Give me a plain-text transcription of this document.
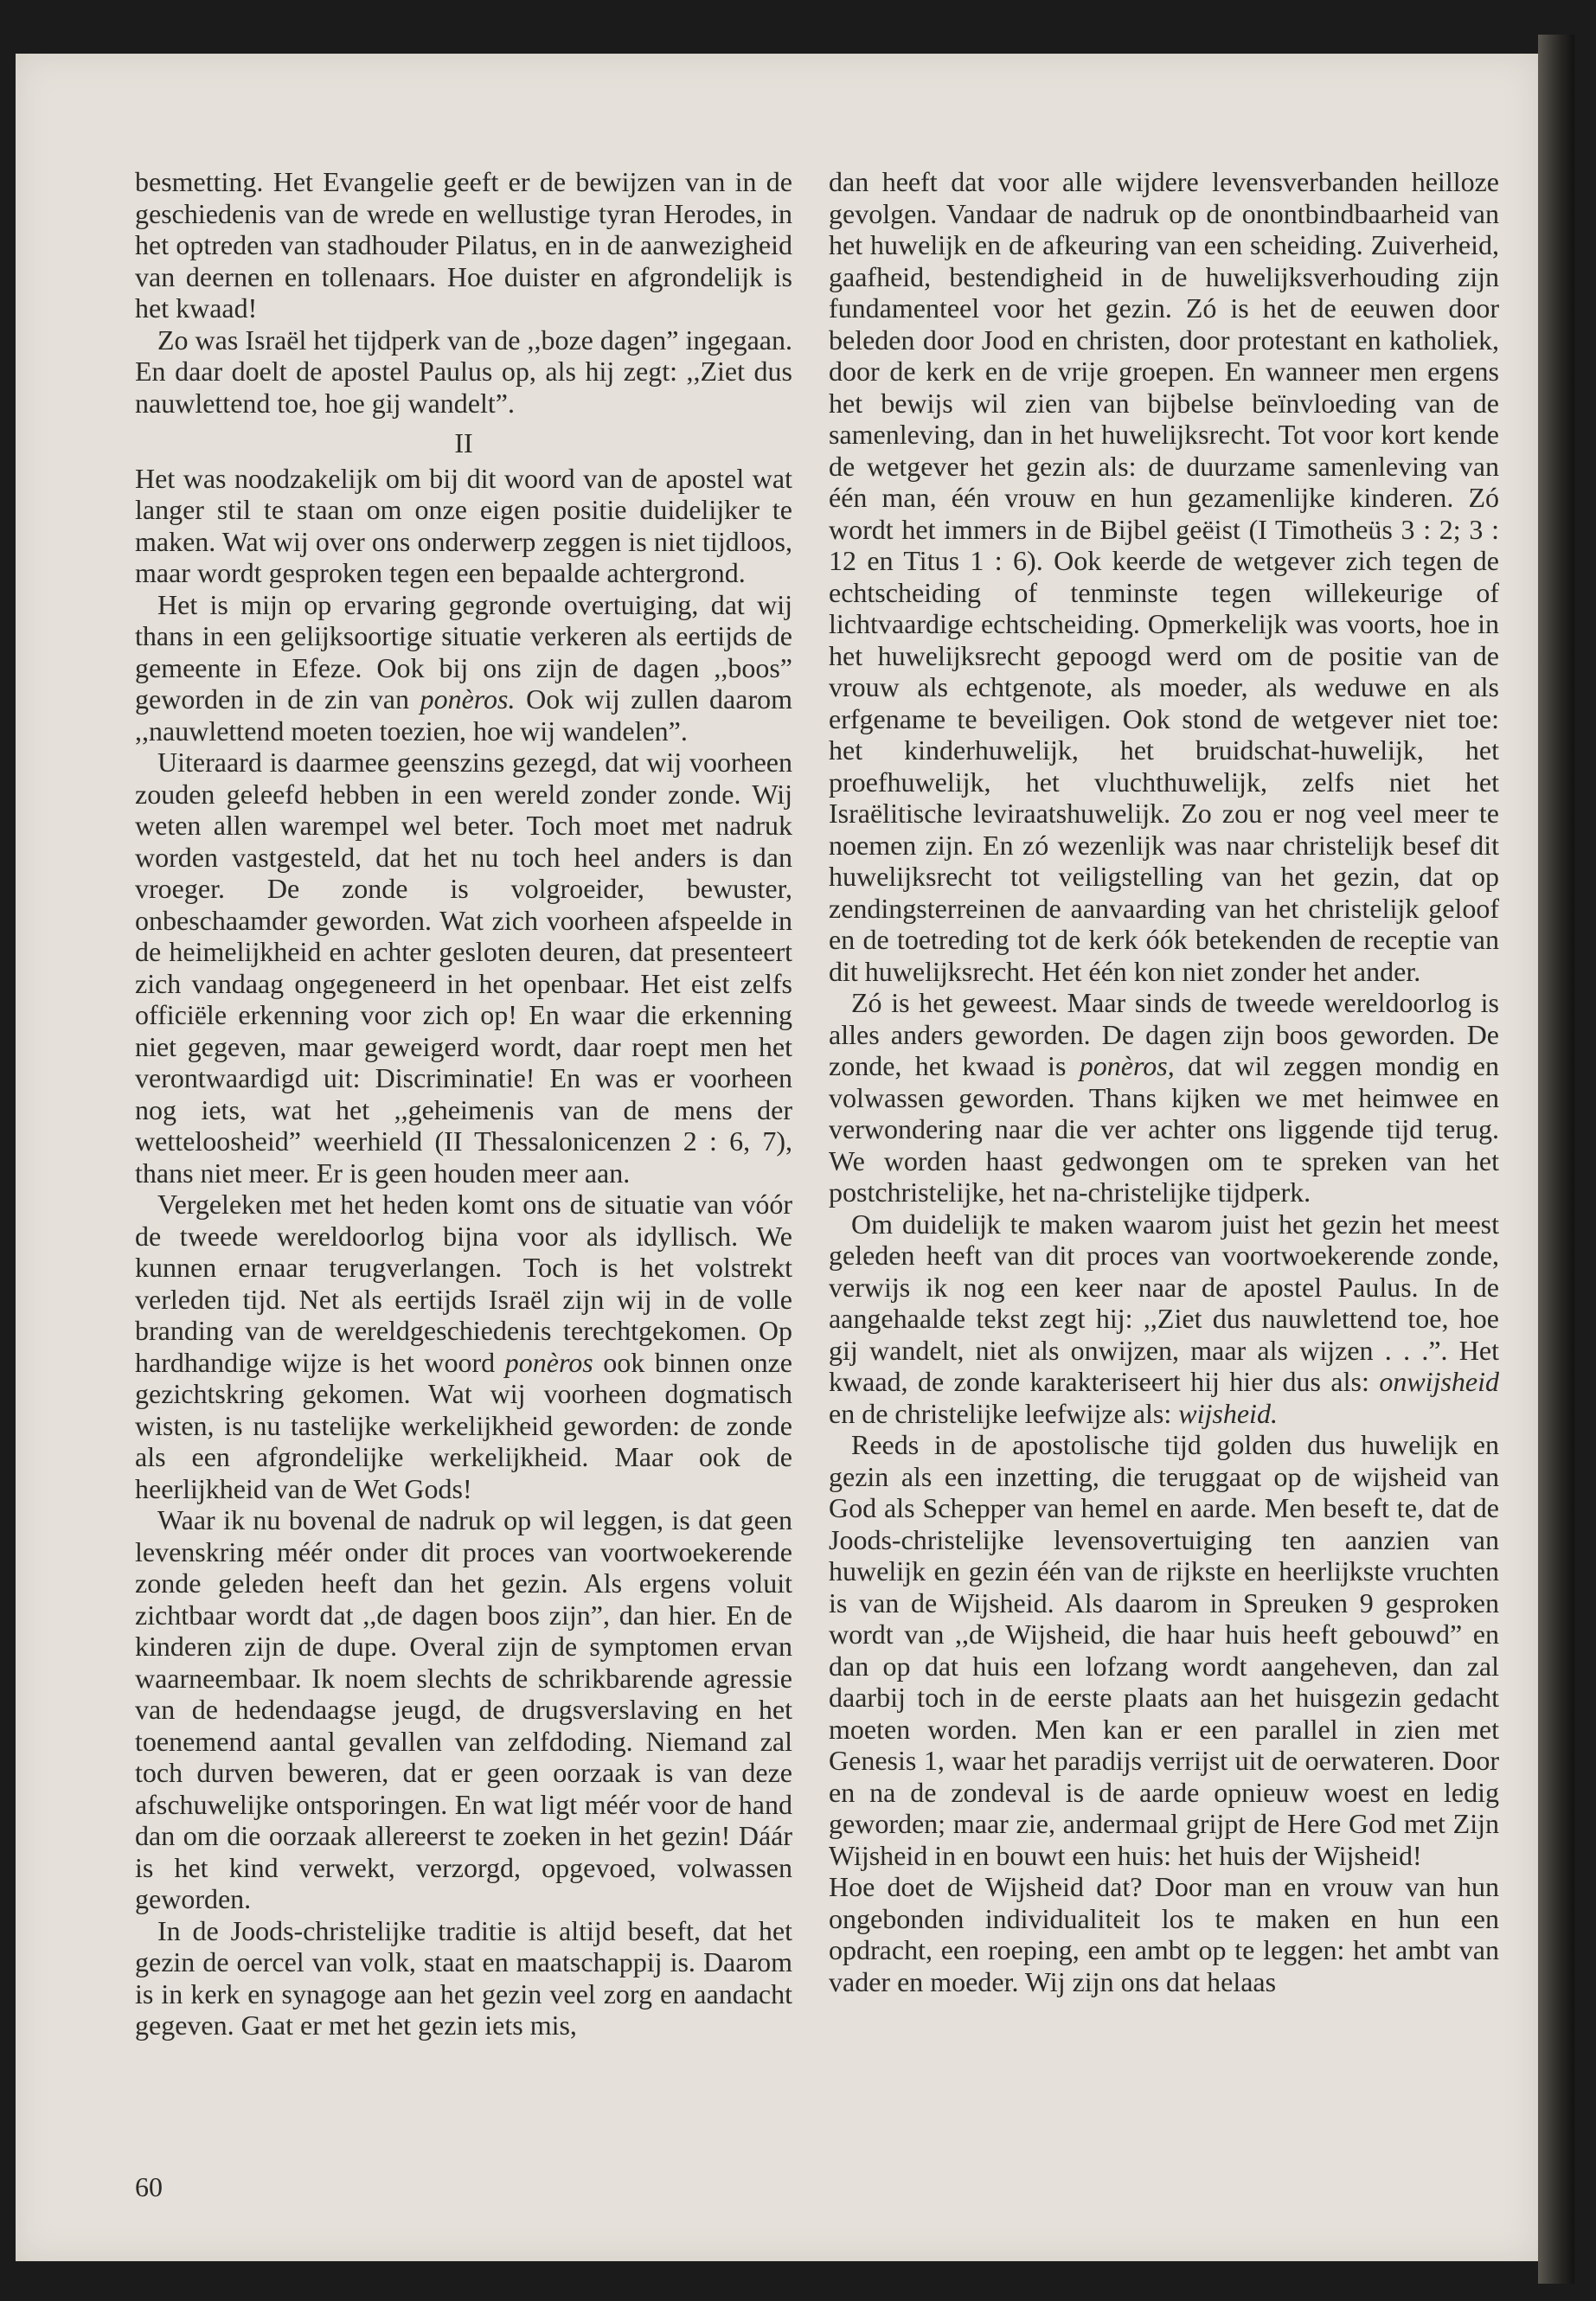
besmetting. Het Evangelie geeft er de bewijzen van in de geschiedenis van de wrede en wellustige tyran Herodes, in het optreden van stadhouder Pilatus, en in de aanwezigheid van deernen en tollenaars. Hoe duister en afgrondelijk is het kwaad!

Zo was Israël het tijdperk van de ,,boze dagen” ingegaan. En daar doelt de apostel Paulus op, als hij zegt: ,,Ziet dus nauwlettend toe, hoe gij wandelt”.

II

Het was noodzakelijk om bij dit woord van de apostel wat langer stil te staan om onze eigen positie duidelijker te maken. Wat wij over ons onderwerp zeggen is niet tijdloos, maar wordt gesproken tegen een bepaalde achtergrond.

Het is mijn op ervaring gegronde overtuiging, dat wij thans in een gelijksoortige situatie verkeren als eertijds de gemeente in Efeze. Ook bij ons zijn de dagen ,,boos” geworden in de zin van ponèros. Ook wij zullen daarom ,,nauwlettend moeten toezien, hoe wij wandelen”.

Uiteraard is daarmee geenszins gezegd, dat wij voorheen zouden geleefd hebben in een wereld zonder zonde. Wij weten allen warempel wel beter. Toch moet met nadruk worden vastgesteld, dat het nu toch heel anders is dan vroeger. De zonde is volgroeider, bewuster, onbeschaamder geworden. Wat zich voorheen afspeelde in de heimelijkheid en achter gesloten deuren, dat presenteert zich vandaag ongegeneerd in het openbaar. Het eist zelfs officiële erkenning voor zich op! En waar die erkenning niet gegeven, maar geweigerd wordt, daar roept men het verontwaardigd uit: Discriminatie! En was er voorheen nog iets, wat het ,,geheimenis van de mens der wetteloosheid” weerhield (II Thessalonicenzen 2 : 6, 7), thans niet meer. Er is geen houden meer aan.

Vergeleken met het heden komt ons de situatie van vóór de tweede wereldoorlog bijna voor als idyllisch. We kunnen ernaar terugverlangen. Toch is het volstrekt verleden tijd. Net als eertijds Israël zijn wij in de volle branding van de wereldgeschiedenis terechtgekomen. Op hardhandige wijze is het woord ponèros ook binnen onze gezichtskring gekomen. Wat wij voorheen dogmatisch wisten, is nu tastelijke werkelijkheid geworden: de zonde als een afgrondelijke werkelijkheid. Maar ook de heerlijkheid van de Wet Gods!

Waar ik nu bovenal de nadruk op wil leggen, is dat geen levenskring méér onder dit proces van voortwoekerende zonde geleden heeft dan het gezin. Als ergens voluit zichtbaar wordt dat ,,de dagen boos zijn”, dan hier. En de kinderen zijn de dupe. Overal zijn de symptomen ervan waarneembaar. Ik noem slechts de schrikbarende agressie van de hedendaagse jeugd, de drugsverslaving en het toenemend aantal gevallen van zelfdoding. Niemand zal toch durven beweren, dat er geen oorzaak is van deze afschuwelijke ontsporingen. En wat ligt méér voor de hand dan om die oorzaak allereerst te zoeken in het gezin! Dáár is het kind verwekt, verzorgd, opgevoed, volwassen geworden.

In de Joods-christelijke traditie is altijd beseft, dat het gezin de oercel van volk, staat en maatschappij is. Daarom is in kerk en synagoge aan het gezin veel zorg en aandacht gegeven. Gaat er met het gezin iets mis,

dan heeft dat voor alle wijdere levensverbanden heilloze gevolgen. Vandaar de nadruk op de onontbindbaarheid van het huwelijk en de afkeuring van een scheiding. Zuiverheid, gaafheid, bestendigheid in de huwelijksverhouding zijn fundamenteel voor het gezin. Zó is het de eeuwen door beleden door Jood en christen, door protestant en katholiek, door de kerk en de vrije groepen. En wanneer men ergens het bewijs wil zien van bijbelse beïnvloeding van de samenleving, dan in het huwelijksrecht. Tot voor kort kende de wetgever het gezin als: de duurzame samenleving van één man, één vrouw en hun gezamenlijke kinderen. Zó wordt het immers in de Bijbel geëist (I Timotheüs 3 : 2; 3 : 12 en Titus 1 : 6). Ook keerde de wetgever zich tegen de echtscheiding of tenminste tegen willekeurige of lichtvaardige echtscheiding. Opmerkelijk was voorts, hoe in het huwelijksrecht gepoogd werd om de positie van de vrouw als echtgenote, als moeder, als weduwe en als erfgename te beveiligen. Ook stond de wetgever niet toe: het kinderhuwelijk, het bruidschat-huwelijk, het proefhuwelijk, het vluchthuwelijk, zelfs niet het Israëlitische leviraatshuwelijk. Zo zou er nog veel meer te noemen zijn. En zó wezenlijk was naar christelijk besef dit huwelijksrecht tot veiligstelling van het gezin, dat op zendingsterreinen de aanvaarding van het christelijk geloof en de toetreding tot de kerk óók betekenden de receptie van dit huwelijksrecht. Het één kon niet zonder het ander.

Zó is het geweest. Maar sinds de tweede wereldoorlog is alles anders geworden. De dagen zijn boos geworden. De zonde, het kwaad is ponèros, dat wil zeggen mondig en volwassen geworden. Thans kijken we met heimwee en verwondering naar die ver achter ons liggende tijd terug. We worden haast gedwongen om te spreken van het postchristelijke, het na-christelijke tijdperk.

Om duidelijk te maken waarom juist het gezin het meest geleden heeft van dit proces van voortwoekerende zonde, verwijs ik nog een keer naar de apostel Paulus. In de aangehaalde tekst zegt hij: ,,Ziet dus nauwlettend toe, hoe gij wandelt, niet als onwijzen, maar als wijzen . . .”. Het kwaad, de zonde karakteriseert hij hier dus als: onwijsheid en de christelijke leefwijze als: wijsheid.

Reeds in de apostolische tijd golden dus huwelijk en gezin als een inzetting, die teruggaat op de wijsheid van God als Schepper van hemel en aarde. Men beseft te, dat de Joods-christelijke levensovertuiging ten aanzien van huwelijk en gezin één van de rijkste en heerlijkste vruchten is van de Wijsheid. Als daarom in Spreuken 9 gesproken wordt van ,,de Wijsheid, die haar huis heeft gebouwd” en dan op dat huis een lofzang wordt aangeheven, dan zal daarbij toch in de eerste plaats aan het huisgezin gedacht moeten worden. Men kan er een parallel in zien met Genesis 1, waar het paradijs verrijst uit de oerwateren. Door en na de zondeval is de aarde opnieuw woest en ledig geworden; maar zie, andermaal grijpt de Here God met Zijn Wijsheid in en bouwt een huis: het huis der Wijsheid!

Hoe doet de Wijsheid dat? Door man en vrouw van hun ongebonden individualiteit los te maken en hun een opdracht, een roeping, een ambt op te leggen: het ambt van vader en moeder. Wij zijn ons dat helaas

60
